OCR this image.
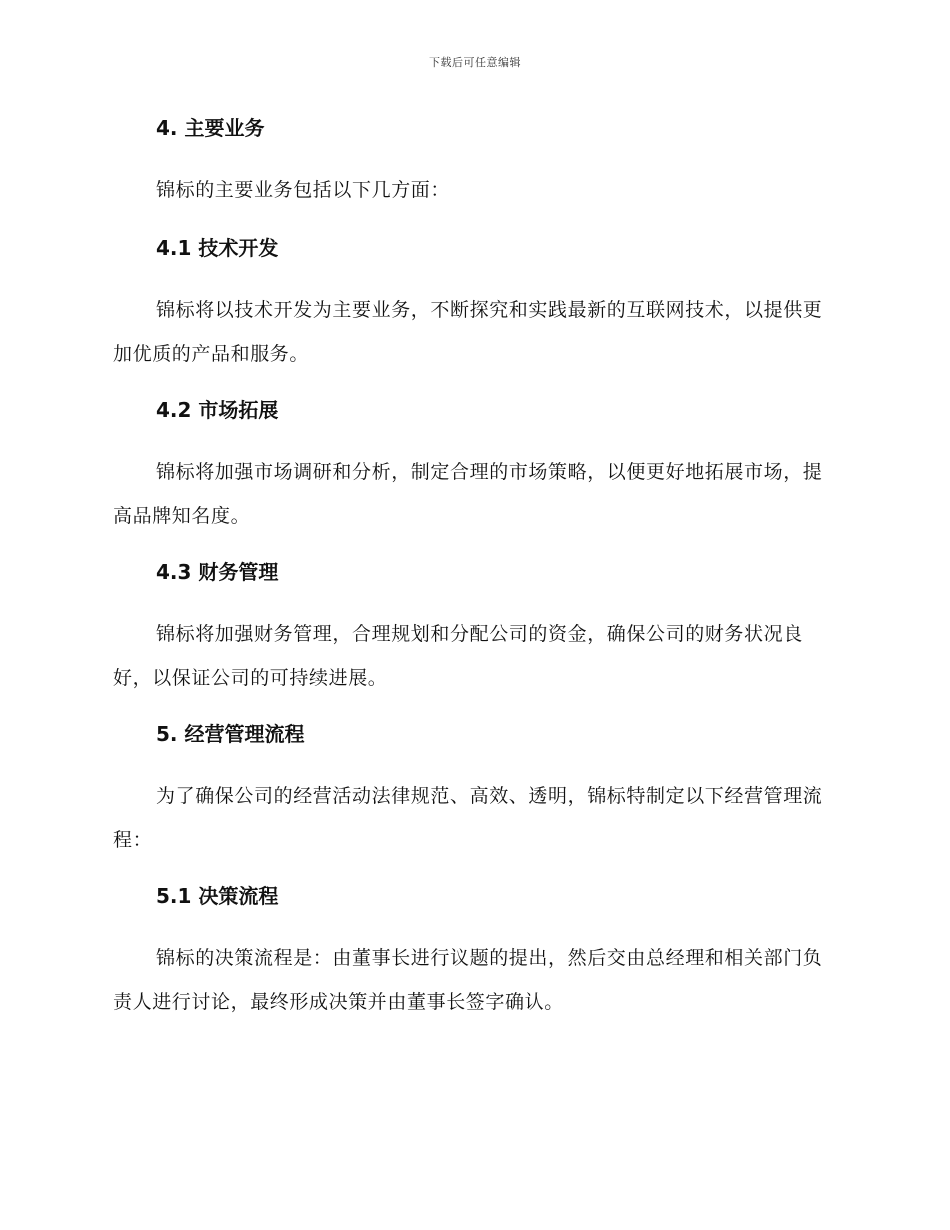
下载后可任意编辑
4. 主要业务

锦标的主要业务包括以下几方面：

4.1 技术开发

锦标将以技术开发为主要业务，不断探究和实践最新的互联网技术，以提供更加优质的产品和服务。

4.2 市场拓展

锦标将加强市场调研和分析，制定合理的市场策略，以便更好地拓展市场，提高品牌知名度。

4.3 财务管理

锦标将加强财务管理，合理规划和分配公司的资金，确保公司的财务状况良好，以保证公司的可持续进展。

5. 经营管理流程

为了确保公司的经营活动法律规范、高效、透明，锦标特制定以下经营管理流程：

5.1 决策流程

锦标的决策流程是：由董事长进行议题的提出，然后交由总经理和相关部门负责人进行讨论，最终形成决策并由董事长签字确认。
